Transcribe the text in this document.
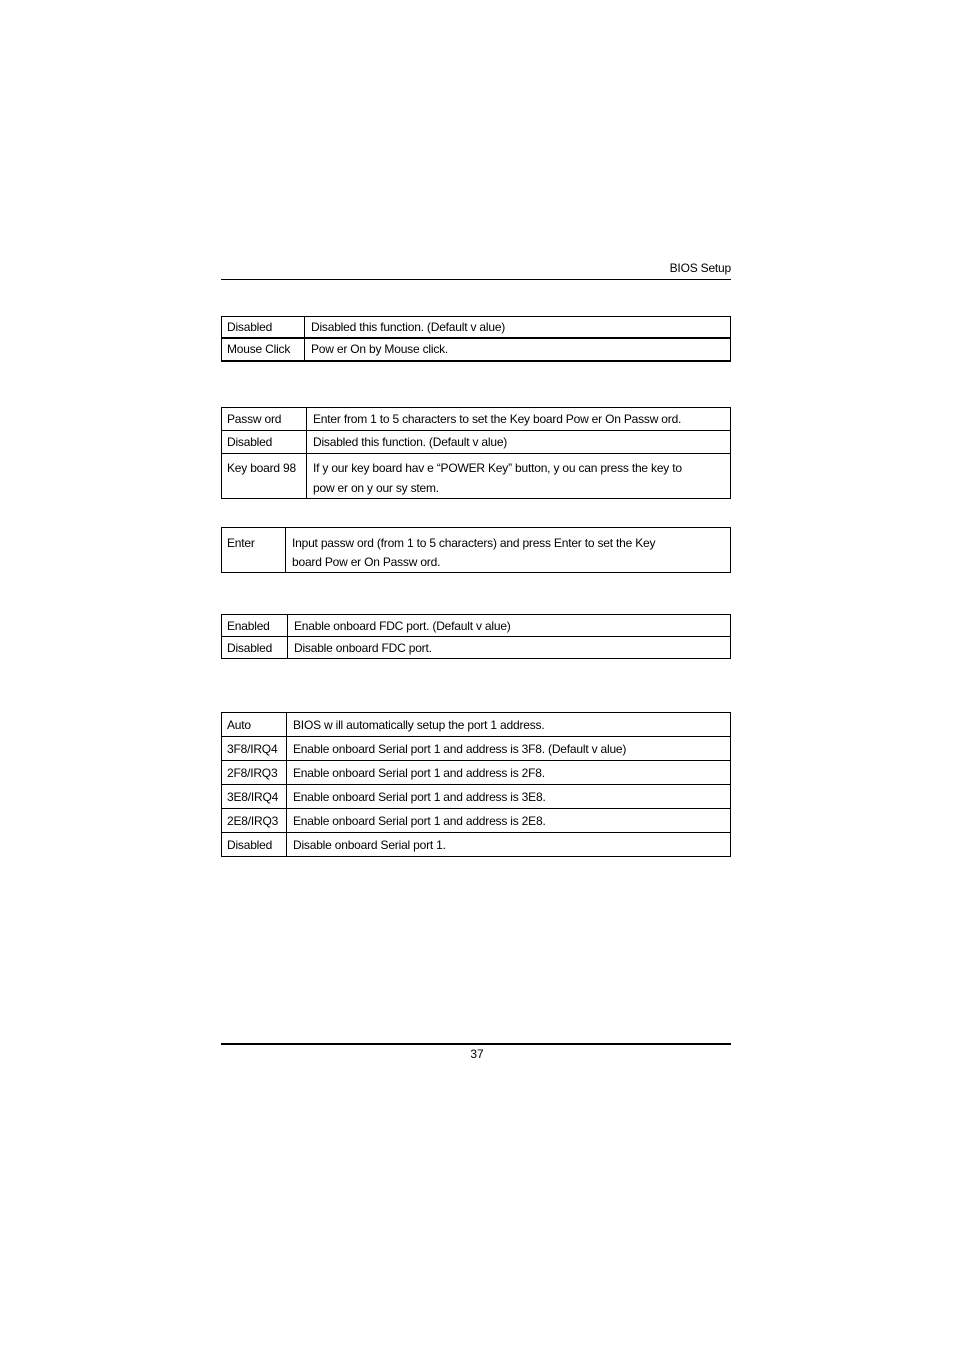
BIOS Setup
Disabled	Disabled this function. (Default v alue)
Mouse Click	Pow er On by Mouse click.
Passw ord	Enter from 1 to 5 characters to set the Key board Pow er On Passw ord.
Disabled	Disabled this function. (Default v alue)
Key board 98	If y our key board hav e “POWER Key” button, y ou can press the key to
pow er on y our sy stem.
Enter	Input passw ord (from 1 to 5 characters) and press Enter to set the Key
board Pow er On Passw ord.
Enabled	Enable onboard FDC port. (Default v alue)
Disabled	Disable onboard FDC port.
Auto	BIOS w ill automatically setup the port 1 address.
3F8/IRQ4	Enable onboard Serial port 1 and address is 3F8. (Default v alue)
2F8/IRQ3	Enable onboard Serial port 1 and address is 2F8.
3E8/IRQ4	Enable onboard Serial port 1 and address is 3E8.
2E8/IRQ3	Enable onboard Serial port 1 and address is 2E8.
Disabled	Disable onboard Serial port 1.
37
